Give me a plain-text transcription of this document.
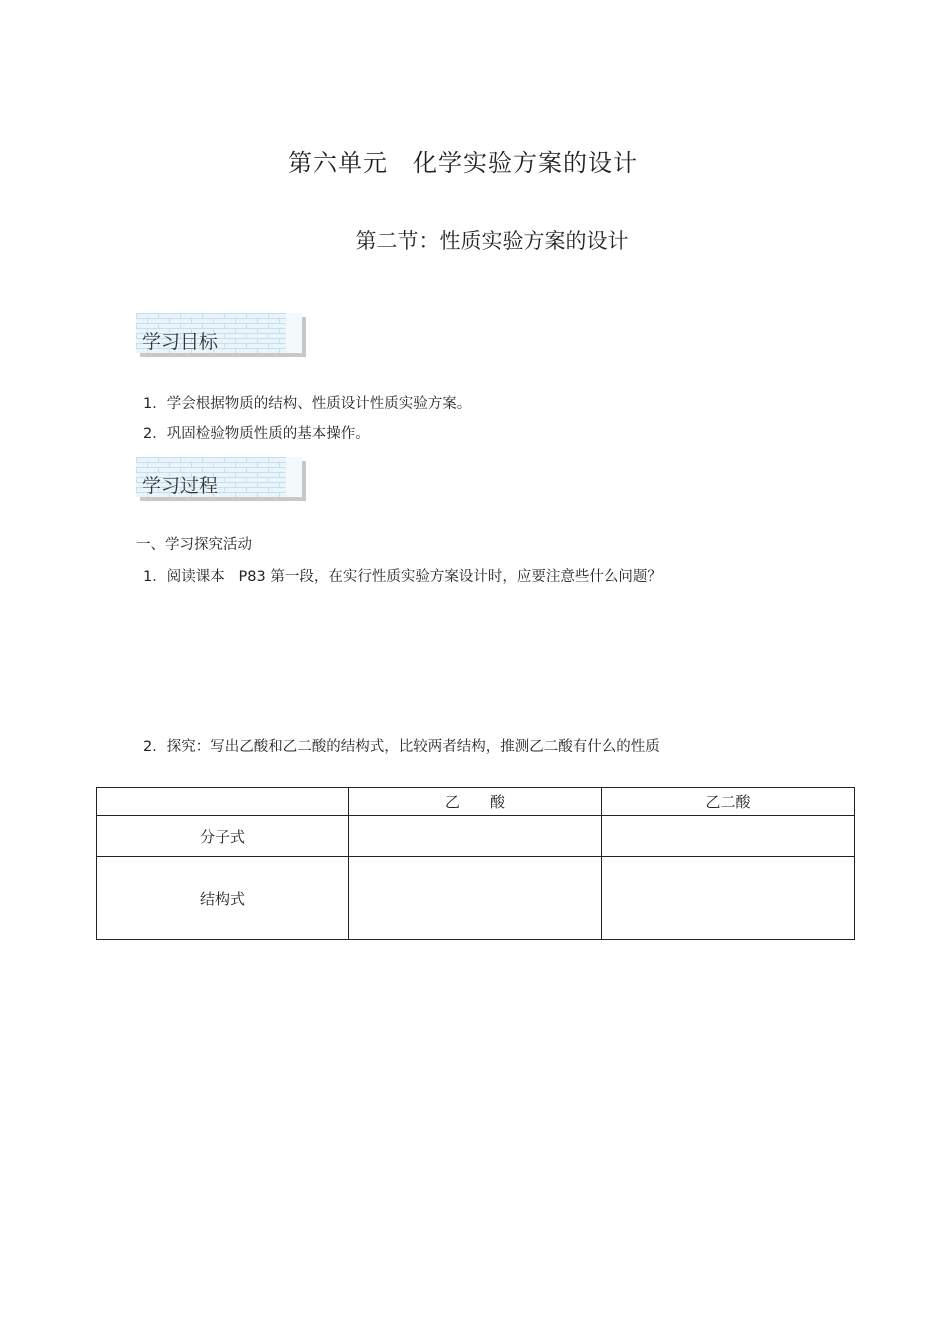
第六单元　化学实验方案的设计
第二节：性质实验方案的设计
学习目标
1．学会根据物质的结构、性质设计性质实验方案。
2．巩固检验物质性质的基本操作。
学习过程
一、学习探究活动
1．阅读课本   P83 第一段，在实行性质实验方案设计时，应要注意些什么问题？
2．探究：写出乙酸和乙二酸的结构式，比较两者结构，推测乙二酸有什么的性质
	乙　　酸	乙二酸
分子式		
结构式		
